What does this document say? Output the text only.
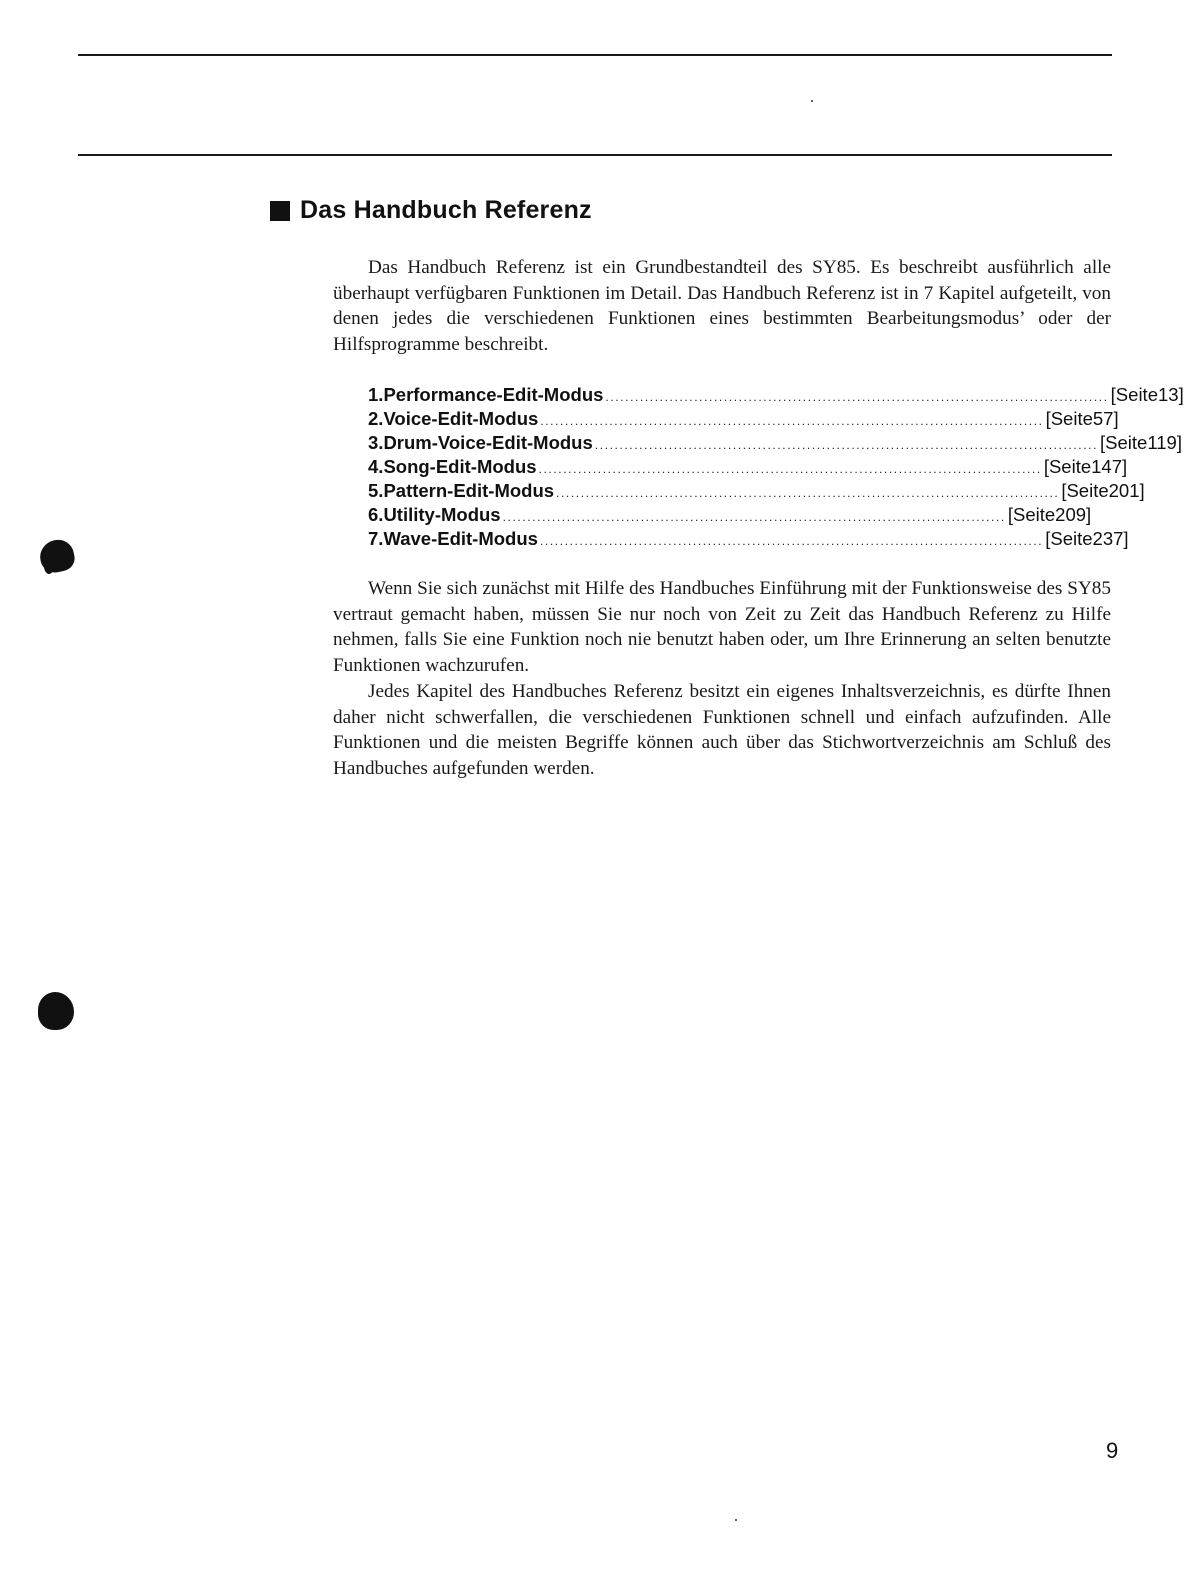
Das Handbuch Referenz

Das Handbuch Referenz ist ein Grundbestandteil des SY85. Es beschreibt ausführlich alle überhaupt verfügbaren Funktionen im Detail. Das Handbuch Referenz ist in 7 Kapitel aufgeteilt, von denen jedes die verschiedenen Funktionen eines bestimmten Bearbeitungsmodus’ oder der Hilfsprogramme beschreibt.

1. Performance-Edit-Modus ...................................................................................................... [Seite 13 ]
2. Voice-Edit-Modus ...................................................................................................... [Seite 57 ]
3. Drum-Voice-Edit-Modus ...................................................................................................... [Seite 119 ]
4. Song-Edit-Modus ...................................................................................................... [Seite 147 ]
5. Pattern-Edit-Modus ...................................................................................................... [Seite 201 ]
6. Utility-Modus ...................................................................................................... [Seite 209 ]
7. Wave-Edit-Modus ...................................................................................................... [Seite 237 ]

Wenn Sie sich zunächst mit Hilfe des Handbuches Einführung mit der Funktionsweise des SY85 vertraut gemacht haben, müssen Sie nur noch von Zeit zu Zeit das Handbuch Referenz zu Hilfe nehmen, falls Sie eine Funktion noch nie benutzt haben oder, um Ihre Erinnerung an selten benutzte Funktionen wachzurufen.

Jedes Kapitel des Handbuches Referenz besitzt ein eigenes Inhaltsverzeichnis, es dürfte Ihnen daher nicht schwerfallen, die verschiedenen Funktionen schnell und einfach aufzufinden. Alle Funktionen und die meisten Begriffe können auch über das Stichwortverzeichnis am Schluß des Handbuches aufgefunden werden.

9
